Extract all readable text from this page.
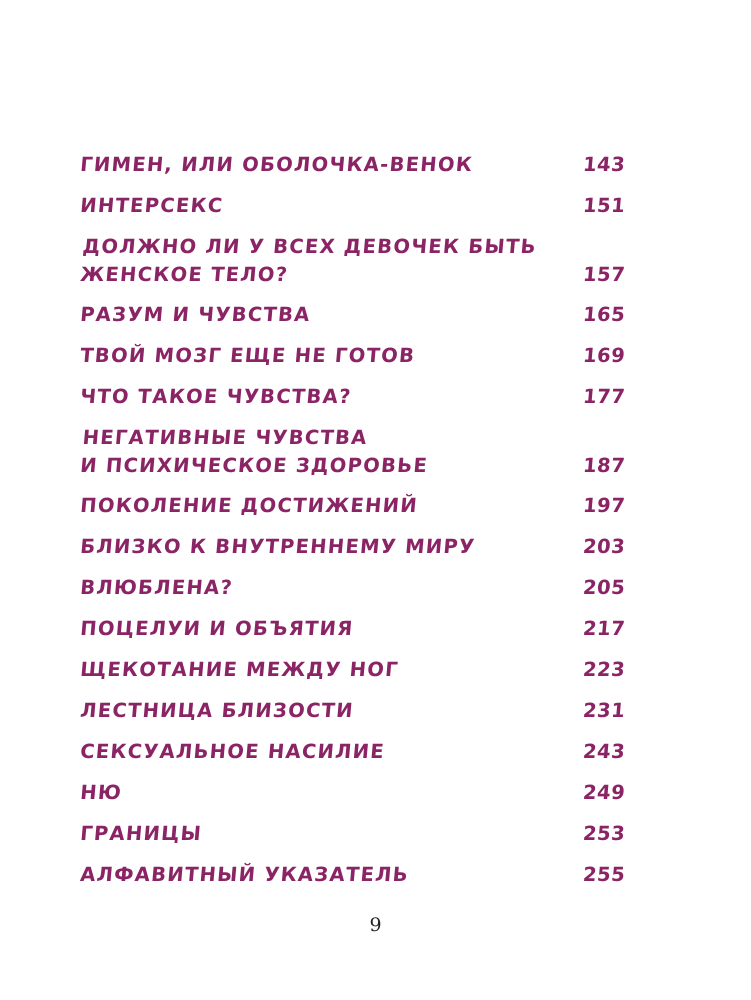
ГИМЕН, ИЛИ ОБОЛОЧКА-ВЕНОК	143
ИНТЕРСЕКС	151
ДОЛЖНО ЛИ У ВСЕХ ДЕВОЧЕК БЫТЬ
ЖЕНСКОЕ ТЕЛО?	157
РАЗУМ И ЧУВСТВА	165
ТВОЙ МОЗГ ЕЩЕ НЕ ГОТОВ	169
ЧТО ТАКОЕ ЧУВСТВА?	177
НЕГАТИВНЫЕ ЧУВСТВА
И ПСИХИЧЕСКОЕ ЗДОРОВЬЕ	187
ПОКОЛЕНИЕ ДОСТИЖЕНИЙ	197
БЛИЗКО К ВНУТРЕННЕМУ МИРУ	203
ВЛЮБЛЕНА?	205
ПОЦЕЛУИ И ОБЪЯТИЯ	217
ЩЕКОТАНИЕ МЕЖДУ НОГ	223
ЛЕСТНИЦА БЛИЗОСТИ	231
СЕКСУАЛЬНОЕ НАСИЛИЕ	243
НЮ	249
ГРАНИЦЫ	253
АЛФАВИТНЫЙ УКАЗАТЕЛЬ	255
9
